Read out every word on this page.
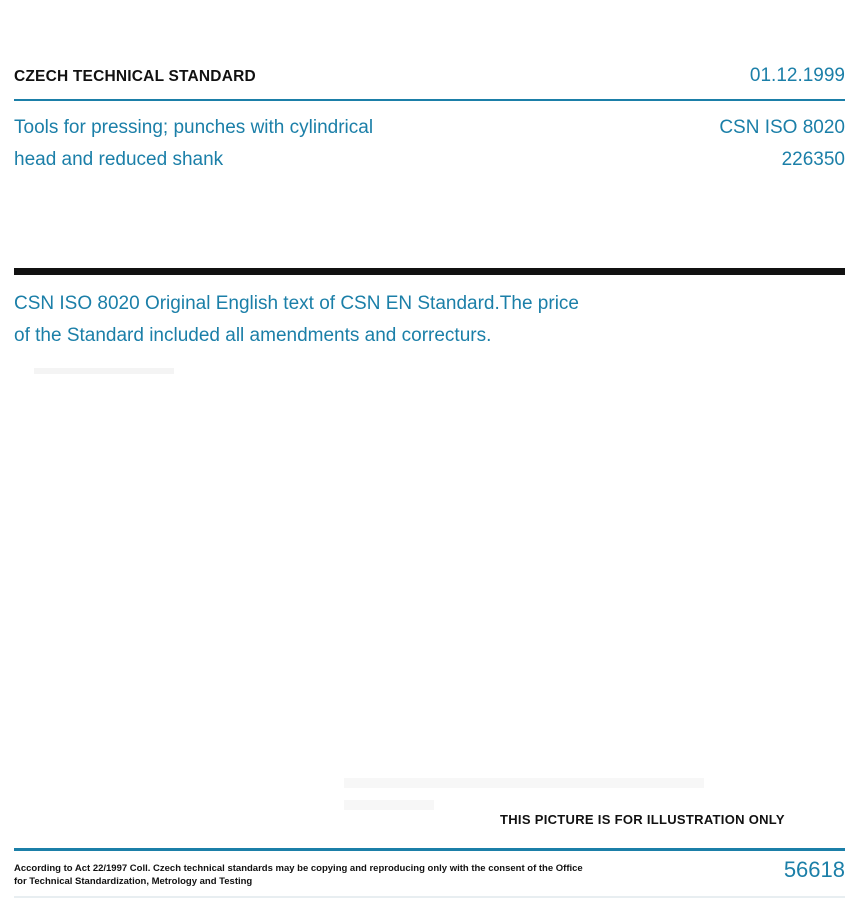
CZECH TECHNICAL STANDARD	01.12.1999
Tools for pressing; punches with cylindrical
head and reduced shank
CSN ISO 8020
226350
CSN ISO 8020 Original English text of CSN EN Standard.The price
of the Standard included all amendments and correcturs.
THIS PICTURE IS FOR ILLUSTRATION ONLY
According to Act 22/1997 Coll. Czech technical standards may be copying and reproducing only with the consent of the Office
for Technical Standardization, Metrology and Testing	56618
